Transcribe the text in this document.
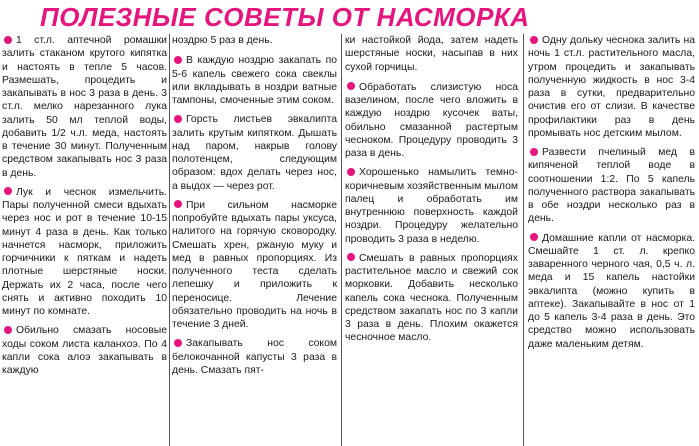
ПОЛЕЗНЫЕ СОВЕТЫ ОТ НАСМОРКА

1 ст.л. аптечной ромашки залить стаканом крутого кипятка и настоять в тепле 5 часов. Размешать, процедить и закапывать в нос 3 раза в день. 3 ст.л. мелко нарезанного лука залить 50 мл теплой воды, добавить 1/2 ч.л. меда, настоять в течение 30 минут. Полученным средством закапывать нос 3 раза в день.

Лук и чеснок измельчить. Пары полученной смеси вдыхать через нос и рот в течение 10-15 минут 4 раза в день. Как только начнется насморк, приложить горчичники к пяткам и надеть плотные шерстяные носки. Держать их 2 часа, после чего снять и активно походить 10 минут по комнате.

Обильно смазать носовые ходы соком листа каланхоэ. По 4 капли сока алоэ закапывать в каждую

ноздрю 5 раз в день.

В каждую ноздрю закапать по 5-6 капель свежего сока свеклы или вкладывать в ноздри ватные тампоны, смоченные этим соком.

Горсть листьев эвкалипта залить крутым кипятком. Дышать над паром, накрыв голову полотенцем, следующим образом: вдох делать через нос, а выдох — через рот.

При сильном насморке попробуйте вдыхать пары уксуса, налитого на горячую сковородку. Смешать хрен, ржаную муку и мед в равных пропорциях. Из полученного теста сделать лепешку и приложить к переносице. Лечение обязательно проводить на ночь в течение 3 дней.

Закапывать нос соком белокочанной капусты 3 раза в день. Смазать пят-

ки настойкой йода, затем надеть шерстяные носки, насыпав в них сухой горчицы.

Обработать слизистую носа вазелином, после чего вложить в каждую ноздрю кусочек ваты, обильно смазанной растертым чесноком. Процедуру проводить 3 раза в день.

Хорошенько намылить темно-коричневым хозяйственным мылом палец и обработать им внутреннюю поверхность каждой ноздри. Процедуру желательно проводить 3 раза в неделю.

Смешать в равных пропорциях растительное масло и свежий сок морковки. Добавить несколько капель сока чеснока. Полученным средством закапать нос по 3 капли 3 раза в день. Плохим окажется чесночное масло.

Одну дольку чеснока залить на ночь 1 ст.л. растительного масла, утром процедить и закапывать полученную жидкость в нос 3-4 раза в сутки, предварительно очистив его от слизи. В качестве профилактики раз в день промывать нос детским мылом.

Развести пчелиный мед в кипяченой теплой воде в соотношении 1:2. По 5 капель полученного раствора закапывать в обе ноздри несколько раз в день.

Домашние капли от насморка. Смешайте 1 ст. л. крепко заваренного черного чая, 0,5 ч. л. меда и 15 капель настойки эвкалипта (можно купить в аптеке). Закапывайте в нос от 1 до 5 капель 3-4 раза в день. Это средство можно использовать даже маленьким детям.
